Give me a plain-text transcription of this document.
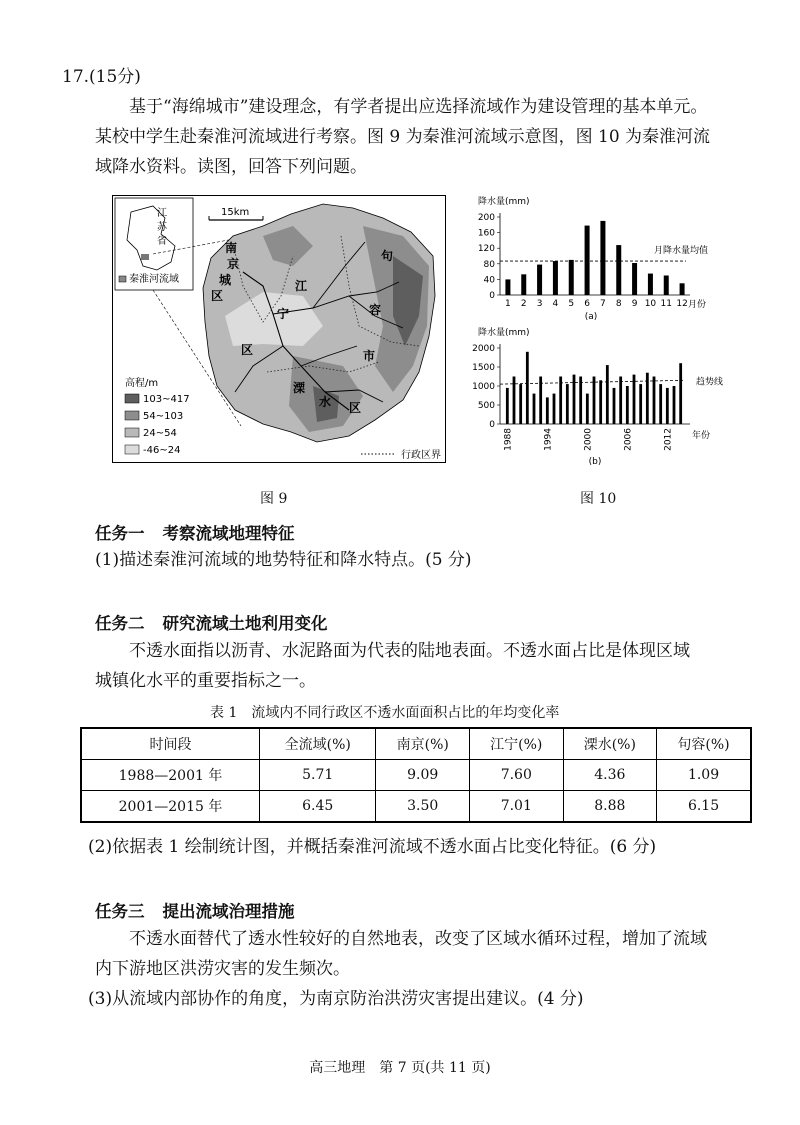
17.(15分)
基于“海绵城市”建设理念，有学者提出应选择流域作为建设管理的基本单元。
某校中学生赴秦淮河流域进行考察。图 9 为秦淮河流域示意图，图 10 为秦淮河流
域降水资料。读图，回答下列问题。
江
苏
省
秦淮河流域
15km
南
京
城
区
江
宁
区
句
容
市
溧
水 区
高程/m
103~417
54~103
24~54
-46~24	行政区界
图 9
降水量(mm)
0
40
80
120
160
200
1 2 3 4 5 6 7 8 9 10 11 12
月降水量均值
月份
(a)
降水量(mm)
0
500
1000
1500
2000
1988	1994	2000	2006	2012
趋势线
年份
(b)
图 10
任务一 考察流域地理特征
(1)描述秦淮河流域的地势特征和降水特点。(5 分)
任务二 研究流域土地利用变化
不透水面指以沥青、水泥路面为代表的陆地表面。不透水面占比是体现区域
城镇化水平的重要指标之一。
表 1　流域内不同行政区不透水面面积占比的年均变化率
时间段	全流域(%)	南京(%)	江宁(%)	溧水(%)	句容(%)
1988—2001 年	5.71	9.09	7.60	4.36	1.09
2001—2015 年	6.45	3.50	7.01	8.88	6.15
(2)依据表 1 绘制统计图，并概括秦淮河流域不透水面占比变化特征。(6 分)
任务三 提出流域治理措施
不透水面替代了透水性较好的自然地表，改变了区域水循环过程，增加了流域
内下游地区洪涝灾害的发生频次。
(3)从流域内部协作的角度，为南京防治洪涝灾害提出建议。(4 分)
高三地理　第 7 页(共 11 页)
